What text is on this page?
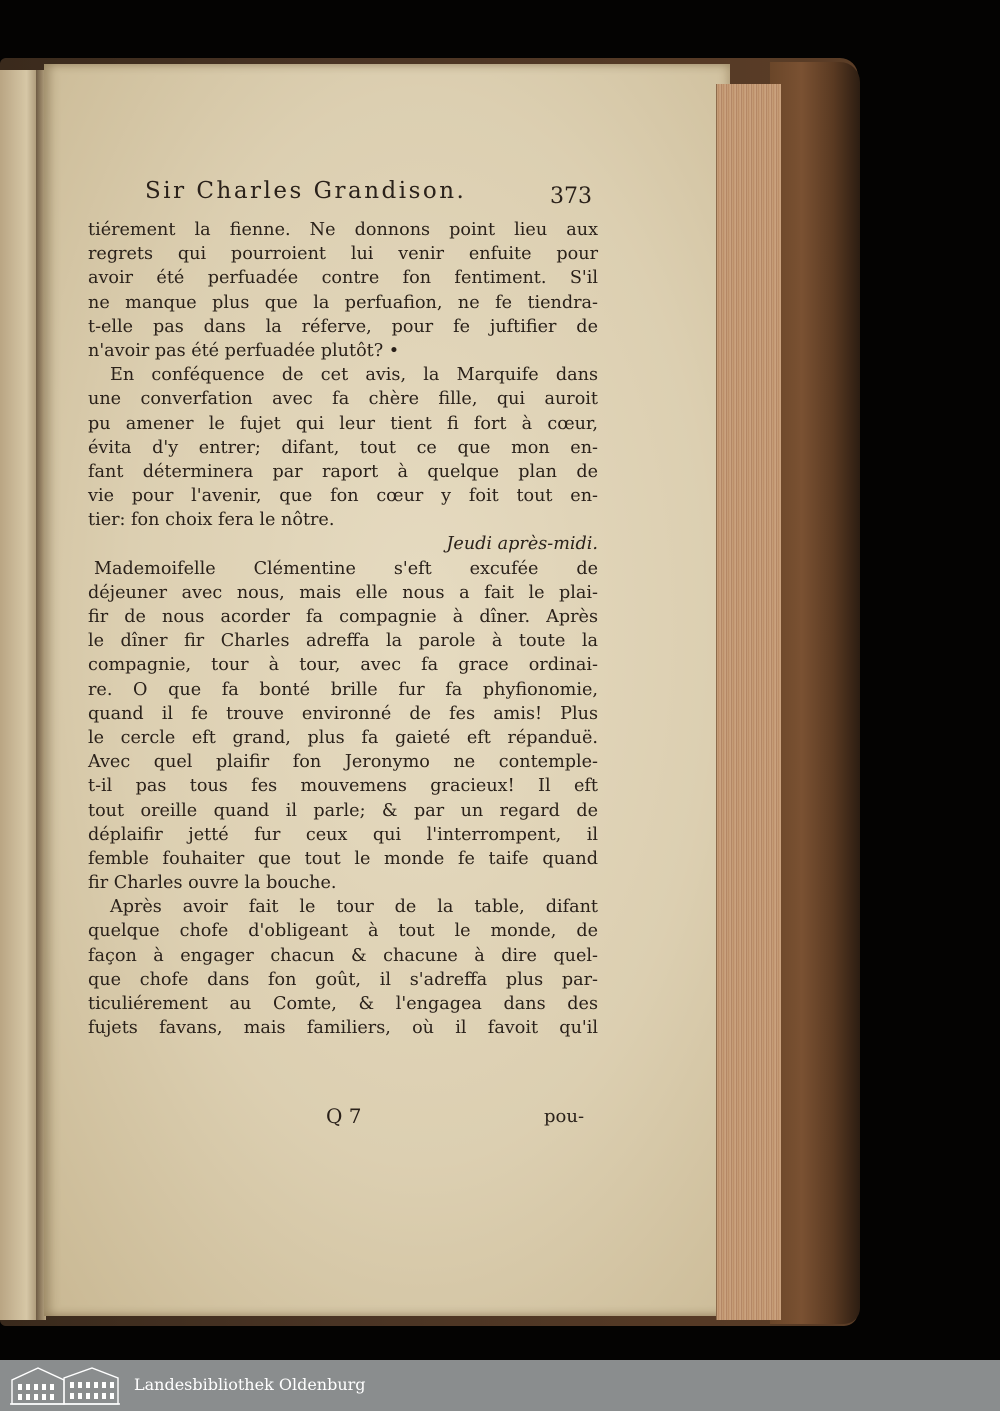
Sir Charles Grandison.	373
tiérement la fienne. Ne donnons point lieu aux
regrets qui pourroient lui venir enfuite pour
avoir été perfuadée contre fon fentiment. S'il
ne manque plus que la perfuafion, ne fe tiendra-
t-elle pas dans la réferve, pour fe juftifier de
n'avoir pas été perfuadée plutôt? •
En conféquence de cet avis, la Marquife dans
une converfation avec fa chère fille, qui auroit
pu amener le fujet qui leur tient fi fort à cœur,
évita d'y entrer; difant, tout ce que mon en-
fant déterminera par raport à quelque plan de
vie pour l'avenir, que fon cœur y foit tout en-
tier: fon choix fera le nôtre.
Jeudi après-midi.
Mademoifelle Clémentine s'eft excufée de
déjeuner avec nous, mais elle nous a fait le plai-
fir de nous acorder fa compagnie à dîner. Après
le dîner fir Charles adreffa la parole à toute la
compagnie, tour à tour, avec fa grace ordinai-
re. O que fa bonté brille fur fa phyfionomie,
quand il fe trouve environné de fes amis! Plus
le cercle eft grand, plus fa gaieté eft répanduë.
Avec quel plaifir fon Jeronymo ne contemple-
t-il pas tous fes mouvemens gracieux! Il eft
tout oreille quand il parle; & par un regard de
déplaifir jetté fur ceux qui l'interrompent, il
femble fouhaiter que tout le monde fe taife quand
fir Charles ouvre la bouche.
Après avoir fait le tour de la table, difant
quelque chofe d'obligeant à tout le monde, de
façon à engager chacun & chacune à dire quel-
que chofe dans fon goût, il s'adreffa plus par-
ticuliérement au Comte, & l'engagea dans des
fujets favans, mais familiers, où il favoit qu'il
Q 7	pou-
Landesbibliothek Oldenburg
